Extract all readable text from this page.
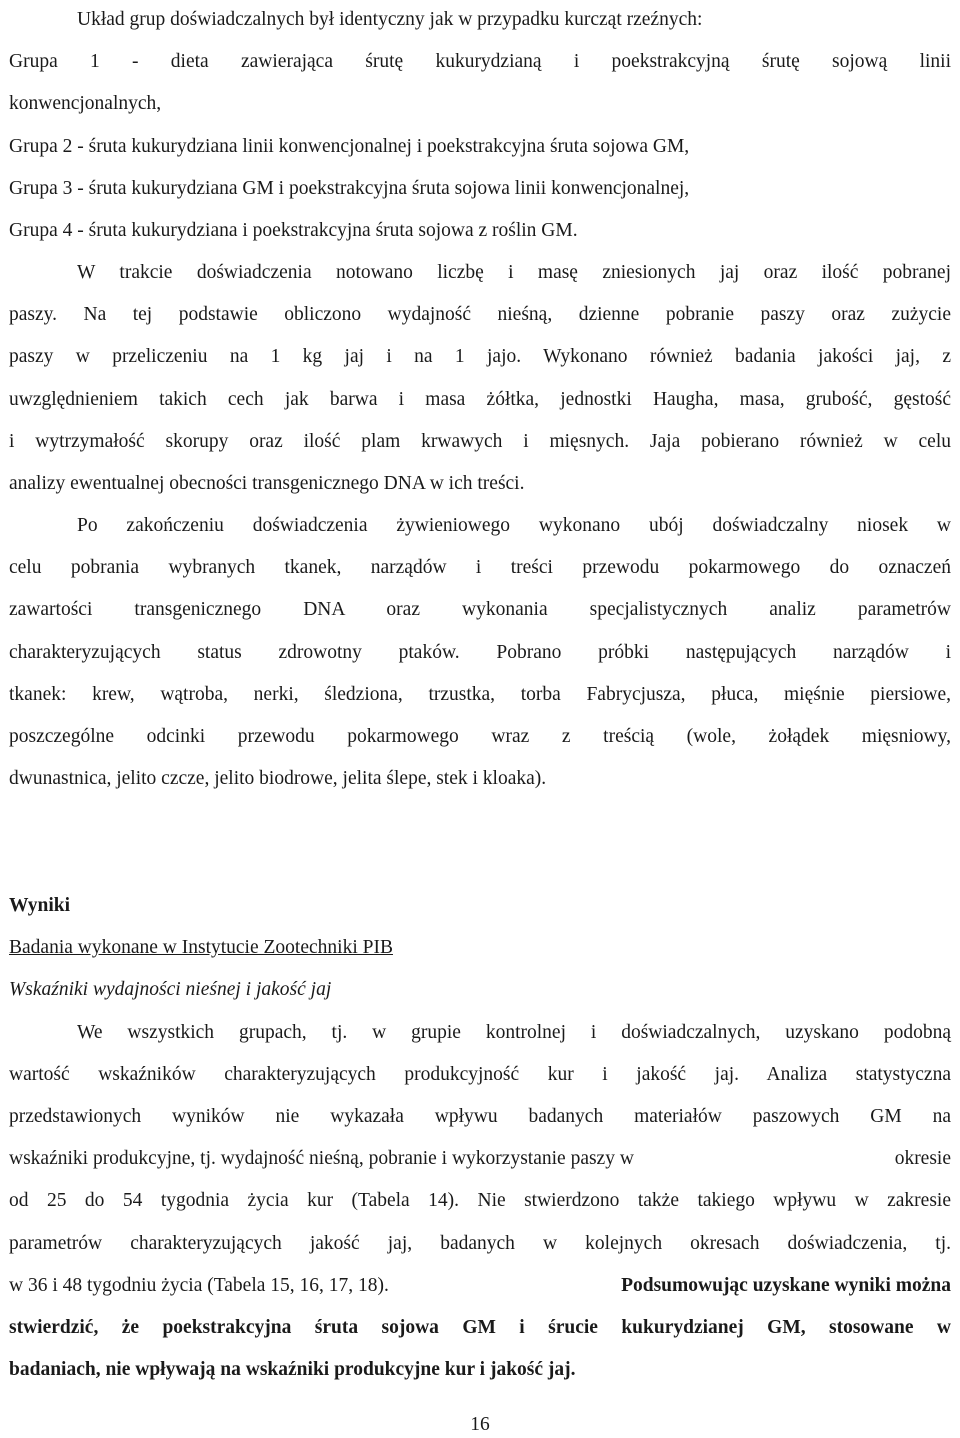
Układ grup doświadczalnych był identyczny jak w przypadku kurcząt rzeźnych:
Grupa 1 - dieta zawierająca śrutę kukurydzianą i poekstrakcyjną śrutę sojową linii
konwencjonalnych,
Grupa 2 - śruta kukurydziana linii konwencjonalnej i poekstrakcyjna śruta sojowa GM,
Grupa 3 - śruta kukurydziana GM i poekstrakcyjna śruta sojowa linii konwencjonalnej,
Grupa 4 - śruta kukurydziana i poekstrakcyjna śruta sojowa z roślin GM.
W trakcie doświadczenia notowano liczbę i masę zniesionych jaj oraz ilość pobranej
paszy. Na tej podstawie obliczono wydajność nieśną, dzienne pobranie paszy oraz zużycie
paszy w przeliczeniu na 1 kg jaj i na 1 jajo. Wykonano również badania jakości jaj, z
uwzględnieniem takich cech jak barwa i masa żółtka, jednostki Haugha, masa, grubość, gęstość
i wytrzymałość skorupy oraz ilość plam krwawych i mięsnych. Jaja pobierano również w celu
analizy ewentualnej obecności transgenicznego DNA w ich treści.
Po zakończeniu doświadczenia żywieniowego wykonano ubój doświadczalny niosek w
celu pobrania wybranych tkanek, narządów i treści przewodu pokarmowego do oznaczeń
zawartości transgenicznego DNA oraz wykonania specjalistycznych analiz parametrów
charakteryzujących status zdrowotny ptaków. Pobrano próbki następujących narządów i
tkanek: krew, wątroba, nerki, śledziona, trzustka, torba Fabrycjusza, płuca, mięśnie piersiowe,
poszczególne odcinki przewodu pokarmowego wraz z treścią (wole, żołądek mięsniowy,
dwunastnica, jelito czcze, jelito biodrowe, jelita ślepe, stek i kloaka).
Wyniki
Badania wykonane w Instytucie Zootechniki PIB
Wskaźniki wydajności nieśnej i jakość jaj
We wszystkich grupach, tj. w grupie kontrolnej i doświadczalnych, uzyskano podobną
wartość wskaźników charakteryzujących produkcyjność kur i jakość jaj. Analiza statystyczna
przedstawionych wyników nie wykazała wpływu badanych materiałów paszowych GM na
wskaźniki produkcyjne, tj. wydajność nieśną, pobranie i wykorzystanie paszy w	okresie
od 25 do 54 tygodnia życia kur (Tabela 14). Nie stwierdzono także takiego wpływu w zakresie
parametrów charakteryzujących jakość jaj, badanych w kolejnych okresach doświadczenia, tj.
w 36 i 48 tygodniu życia (Tabela 15, 16, 17, 18).	Podsumowując uzyskane wyniki można
stwierdzić, że poekstrakcyjna śruta sojowa GM i śrucie kukurydzianej GM, stosowane w
badaniach, nie wpływają na wskaźniki produkcyjne kur i jakość jaj.
16
